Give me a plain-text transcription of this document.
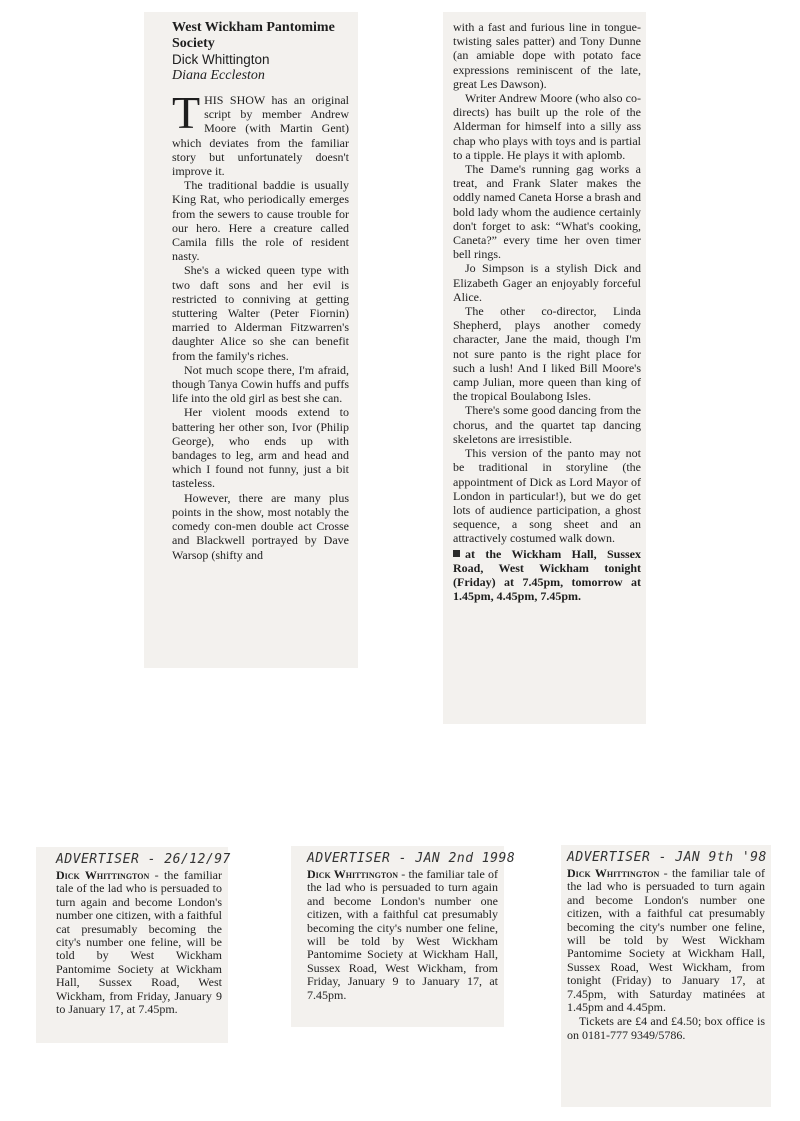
West Wickham Pantomime Society
Dick Whittington
Diana Eccleston

THIS SHOW has an original script by member Andrew Moore (with Martin Gent) which deviates from the familiar story but unfortunately doesn't improve it.

The traditional baddie is usually King Rat, who periodically emerges from the sewers to cause trouble for our hero. Here a creature called Camila fills the role of resident nasty.

She's a wicked queen type with two daft sons and her evil is restricted to conniving at getting stuttering Walter (Peter Fiornin) married to Alderman Fitzwarren's daughter Alice so she can benefit from the family's riches.

Not much scope there, I'm afraid, though Tanya Cowin huffs and puffs life into the old girl as best she can.

Her violent moods extend to battering her other son, Ivor (Philip George), who ends up with bandages to leg, arm and head and which I found not funny, just a bit tasteless.

However, there are many plus points in the show, most notably the comedy con-men double act Crosse and Blackwell portrayed by Dave Warsop (shifty and

with a fast and furious line in tongue-twisting sales patter) and Tony Dunne (an amiable dope with potato face expressions reminiscent of the late, great Les Dawson).

Writer Andrew Moore (who also co-directs) has built up the role of the Alderman for himself into a silly ass chap who plays with toys and is partial to a tipple. He plays it with aplomb.

The Dame's running gag works a treat, and Frank Slater makes the oddly named Caneta Horse a brash and bold lady whom the audience certainly don't forget to ask: “What's cooking, Caneta?” every time her oven timer bell rings.

Jo Simpson is a stylish Dick and Elizabeth Gager an enjoyably forceful Alice.

The other co-director, Linda Shepherd, plays another comedy character, Jane the maid, though I'm not sure panto is the right place for such a lush! And I liked Bill Moore's camp Julian, more queen than king of the tropical Boulabong Isles.

There's some good dancing from the chorus, and the quartet tap dancing skeletons are irresistible.

This version of the panto may not be traditional in storyline (the appointment of Dick as Lord Mayor of London in particular!), but we do get lots of audience participation, a ghost sequence, a song sheet and an attractively costumed walk down.

at the Wickham Hall, Sussex Road, West Wickham tonight (Friday) at 7.45pm, tomorrow at 1.45pm, 4.45pm, 7.45pm.

ADVERTISER - 26/12/97

Dick Whittington - the familiar tale of the lad who is persuaded to turn again and become London's number one citizen, with a faithful cat presumably becoming the city's number one feline, will be told by West Wickham Pantomime Society at Wickham Hall, Sussex Road, West Wickham, from Friday, January 9 to January 17, at 7.45pm.

ADVERTISER - JAN 2nd 1998

Dick Whittington - the familiar tale of the lad who is persuaded to turn again and become London's number one citizen, with a faithful cat presumably becoming the city's number one feline, will be told by West Wickham Pantomime Society at Wickham Hall, Sussex Road, West Wickham, from Friday, January 9 to January 17, at 7.45pm.

ADVERTISER - JAN 9th '98

Dick Whittington - the familiar tale of the lad who is persuaded to turn again and become London's number one citizen, with a faithful cat presumably becoming the city's number one feline, will be told by West Wickham Pantomime Society at Wickham Hall, Sussex Road, West Wickham, from tonight (Friday) to January 17, at 7.45pm, with Saturday matinées at 1.45pm and 4.45pm.

Tickets are £4 and £4.50; box office is on 0181-777 9349/5786.
